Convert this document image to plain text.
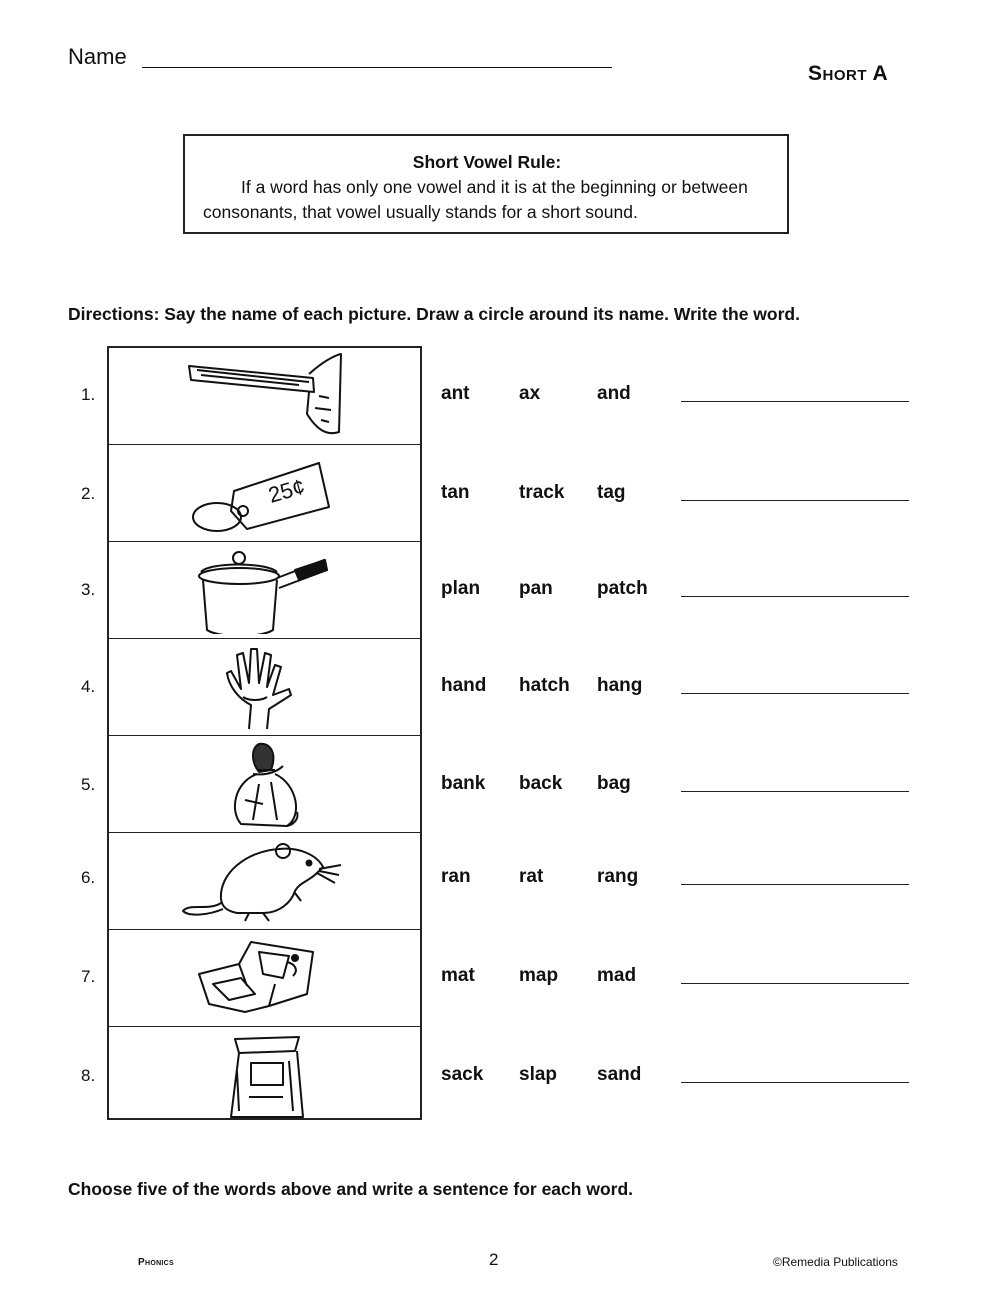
Name
Short A
Short Vowel Rule:
If a word has only one vowel and it is at the beginning or between consonants, that vowel usually stands for a short sound.
Directions: Say the name of each picture. Draw a circle around its name. Write the word.
25¢
1.
2.
3.
4.
5.
6.
7.
8.
ant	ax	and
tan	track tag
plan pan patch
hand hatch hang
bank back bag
ran	rat	rang
mat map mad
sack slap sand
Choose five of the words above and write a sentence for each word.
Phonics	2	©Remedia Publications
